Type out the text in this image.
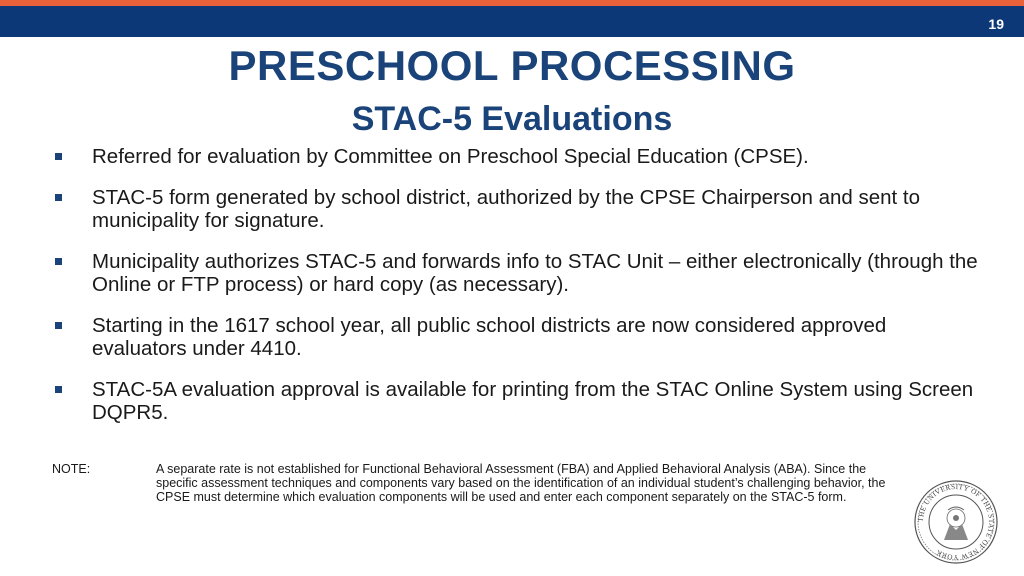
19
PRESCHOOL PROCESSING
STAC-5 Evaluations
Referred for evaluation by Committee on Preschool Special Education (CPSE).
STAC-5 form generated by school district, authorized by the CPSE Chairperson and sent to municipality for signature.
Municipality authorizes STAC-5 and forwards info to STAC Unit – either electronically (through the Online or FTP process) or hard copy (as necessary).
Starting in the 1617 school year, all public school districts are now considered approved evaluators under 4410.
STAC-5A evaluation approval is available for printing from the STAC Online System using Screen DQPR5.
NOTE:	A separate rate is not established for Functional Behavioral Assessment (FBA) and Applied Behavioral Analysis (ABA). Since the specific assessment techniques and components vary based on the identification of an individual student’s challenging behavior, the CPSE must determine which evaluation components will be used and enter each component separately on the STAC-5 form.
THE UNIVERSITY OF THE STATE OF NEW YORK
